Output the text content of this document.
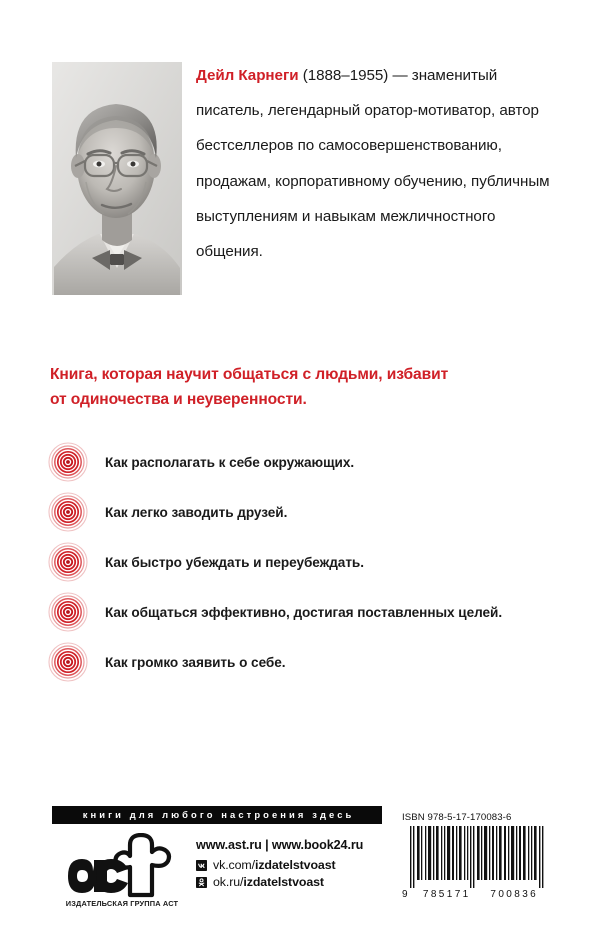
Дейл Карнеги (1888–1955) — знаменитый писатель, легендарный оратор-мотиватор, автор бестселлеров по самосовершенствованию, продажам, корпоративному обучению, публичным выступлениям и навыкам межличностного общения.
Книга, которая научит общаться с людьми, избавит
от одиночества и неуверенности.
Как располагать к себе окружающих.
Как легко заводить друзей.
Как быстро убеждать и переубеждать.
Как общаться эффективно, достигая поставленных целей.
Как громко заявить о себе.
книги для любого настроения здесь
ИЗДАТЕЛЬСКАЯ ГРУППА АСТ
www.ast.ru | www.book24.ru
vk.com/ izdatelstvoast
ok.ru/ izdatelstvoast
ISBN 978-5-17-170083-6
9	785171	700836
